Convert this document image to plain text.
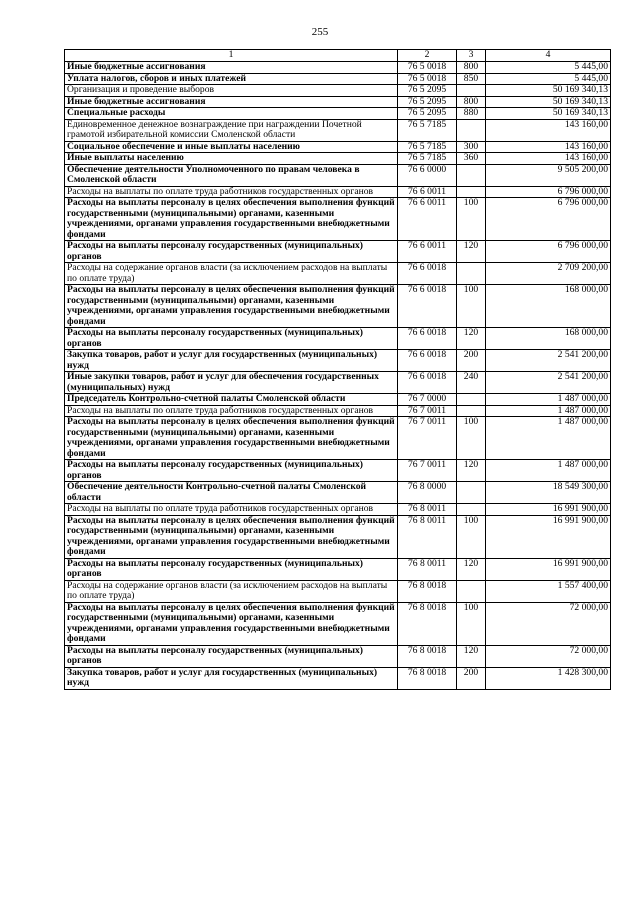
255
1	2	3	4
Иные бюджетные ассигнования	76 5 0018	800	5 445,00
Уплата налогов, сборов и иных платежей	76 5 0018	850	5 445,00
Организация и проведение выборов	76 5 2095		50 169 340,13
Иные бюджетные ассигнования	76 5 2095	800	50 169 340,13
Специальные расходы	76 5 2095	880	50 169 340,13
Единовременное денежное вознаграждение при награждении Почетной грамотой избирательной комиссии Смоленской области	76 5 7185		143 160,00
Социальное обеспечение и иные выплаты населению	76 5 7185	300	143 160,00
Иные выплаты населению	76 5 7185	360	143 160,00
Обеспечение деятельности Уполномоченного по правам человека в Смоленской области	76 6 0000		9 505 200,00
Расходы на выплаты по оплате труда работников государственных органов	76 6 0011		6 796 000,00
Расходы на выплаты персоналу в целях обеспечения выполнения функций государственными (муниципальными) органами, казенными учреждениями, органами управления государственными внебюджетными фондами	76 6 0011	100	6 796 000,00
Расходы на выплаты персоналу государственных (муниципальных) органов	76 6 0011	120	6 796 000,00
Расходы на содержание органов власти (за исключением расходов на выплаты по оплате труда)	76 6 0018		2 709 200,00
Расходы на выплаты персоналу в целях обеспечения выполнения функций государственными (муниципальными) органами, казенными учреждениями, органами управления государственными внебюджетными фондами	76 6 0018	100	168 000,00
Расходы на выплаты персоналу государственных (муниципальных) органов	76 6 0018	120	168 000,00
Закупка товаров, работ и услуг для государственных (муниципальных) нужд	76 6 0018	200	2 541 200,00
Иные закупки товаров, работ и услуг для обеспечения государственных (муниципальных) нужд	76 6 0018	240	2 541 200,00
Председатель Контрольно-счетной палаты Смоленской области	76 7 0000		1 487 000,00
Расходы на выплаты по оплате труда работников государственных органов	76 7 0011		1 487 000,00
Расходы на выплаты персоналу в целях обеспечения выполнения функций государственными (муниципальными) органами, казенными учреждениями, органами управления государственными внебюджетными фондами	76 7 0011	100	1 487 000,00
Расходы на выплаты персоналу государственных (муниципальных) органов	76 7 0011	120	1 487 000,00
Обеспечение деятельности Контрольно-счетной палаты Смоленской области	76 8 0000		18 549 300,00
Расходы на выплаты по оплате труда работников государственных органов	76 8 0011		16 991 900,00
Расходы на выплаты персоналу в целях обеспечения выполнения функций государственными (муниципальными) органами, казенными учреждениями, органами управления государственными внебюджетными фондами	76 8 0011	100	16 991 900,00
Расходы на выплаты персоналу государственных (муниципальных) органов	76 8 0011	120	16 991 900,00
Расходы на содержание органов власти (за исключением расходов на выплаты по оплате труда)	76 8 0018		1 557 400,00
Расходы на выплаты персоналу в целях обеспечения выполнения функций государственными (муниципальными) органами, казенными учреждениями, органами управления государственными внебюджетными фондами	76 8 0018	100	72 000,00
Расходы на выплаты персоналу государственных (муниципальных) органов	76 8 0018	120	72 000,00
Закупка товаров, работ и услуг для государственных (муниципальных) нужд	76 8 0018	200	1 428 300,00
